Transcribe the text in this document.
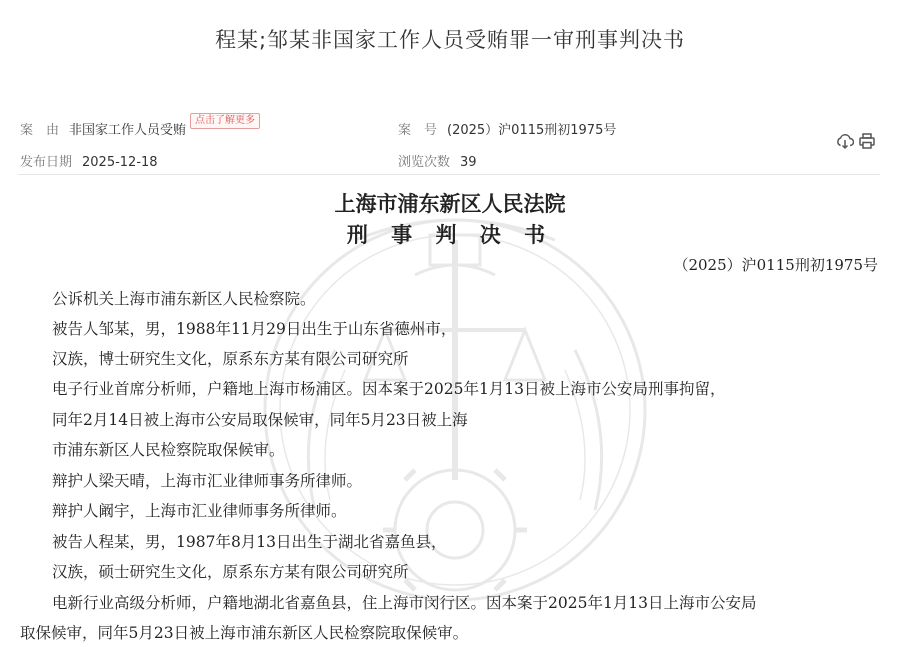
程某;邹某非国家工作人员受贿罪一审刑事判决书
案　由 非国家工作人员受贿
点击了解更多
案　号 (2025）沪0115刑初1975号
发布日期 2025-12-18	浏览次数 39
上海市浦东新区人民法院
刑 事 判 决 书
（2025）沪0115刑初1975号
公诉机关上海市浦东新区人民检察院。
被告人邹某，男，1988年11月29日出生于山东省德州市，
汉族，博士研究生文化，原系东方某有限公司研究所
电子行业首席分析师，户籍地上海市杨浦区。因本案于2025年1月13日被上海市公安局刑事拘留，
同年2月14日被上海市公安局取保候审，同年5月23日被上海
市浦东新区人民检察院取保候审。
辩护人梁天晴，上海市汇业律师事务所律师。
辩护人阚宇，上海市汇业律师事务所律师。
被告人程某，男，1987年8月13日出生于湖北省嘉鱼县，
汉族，硕士研究生文化，原系东方某有限公司研究所
电新行业高级分析师，户籍地湖北省嘉鱼县，住上海市闵行区。因本案于2025年1月13日上海市公安局
取保候审，同年5月23日被上海市浦东新区人民检察院取保候审。
